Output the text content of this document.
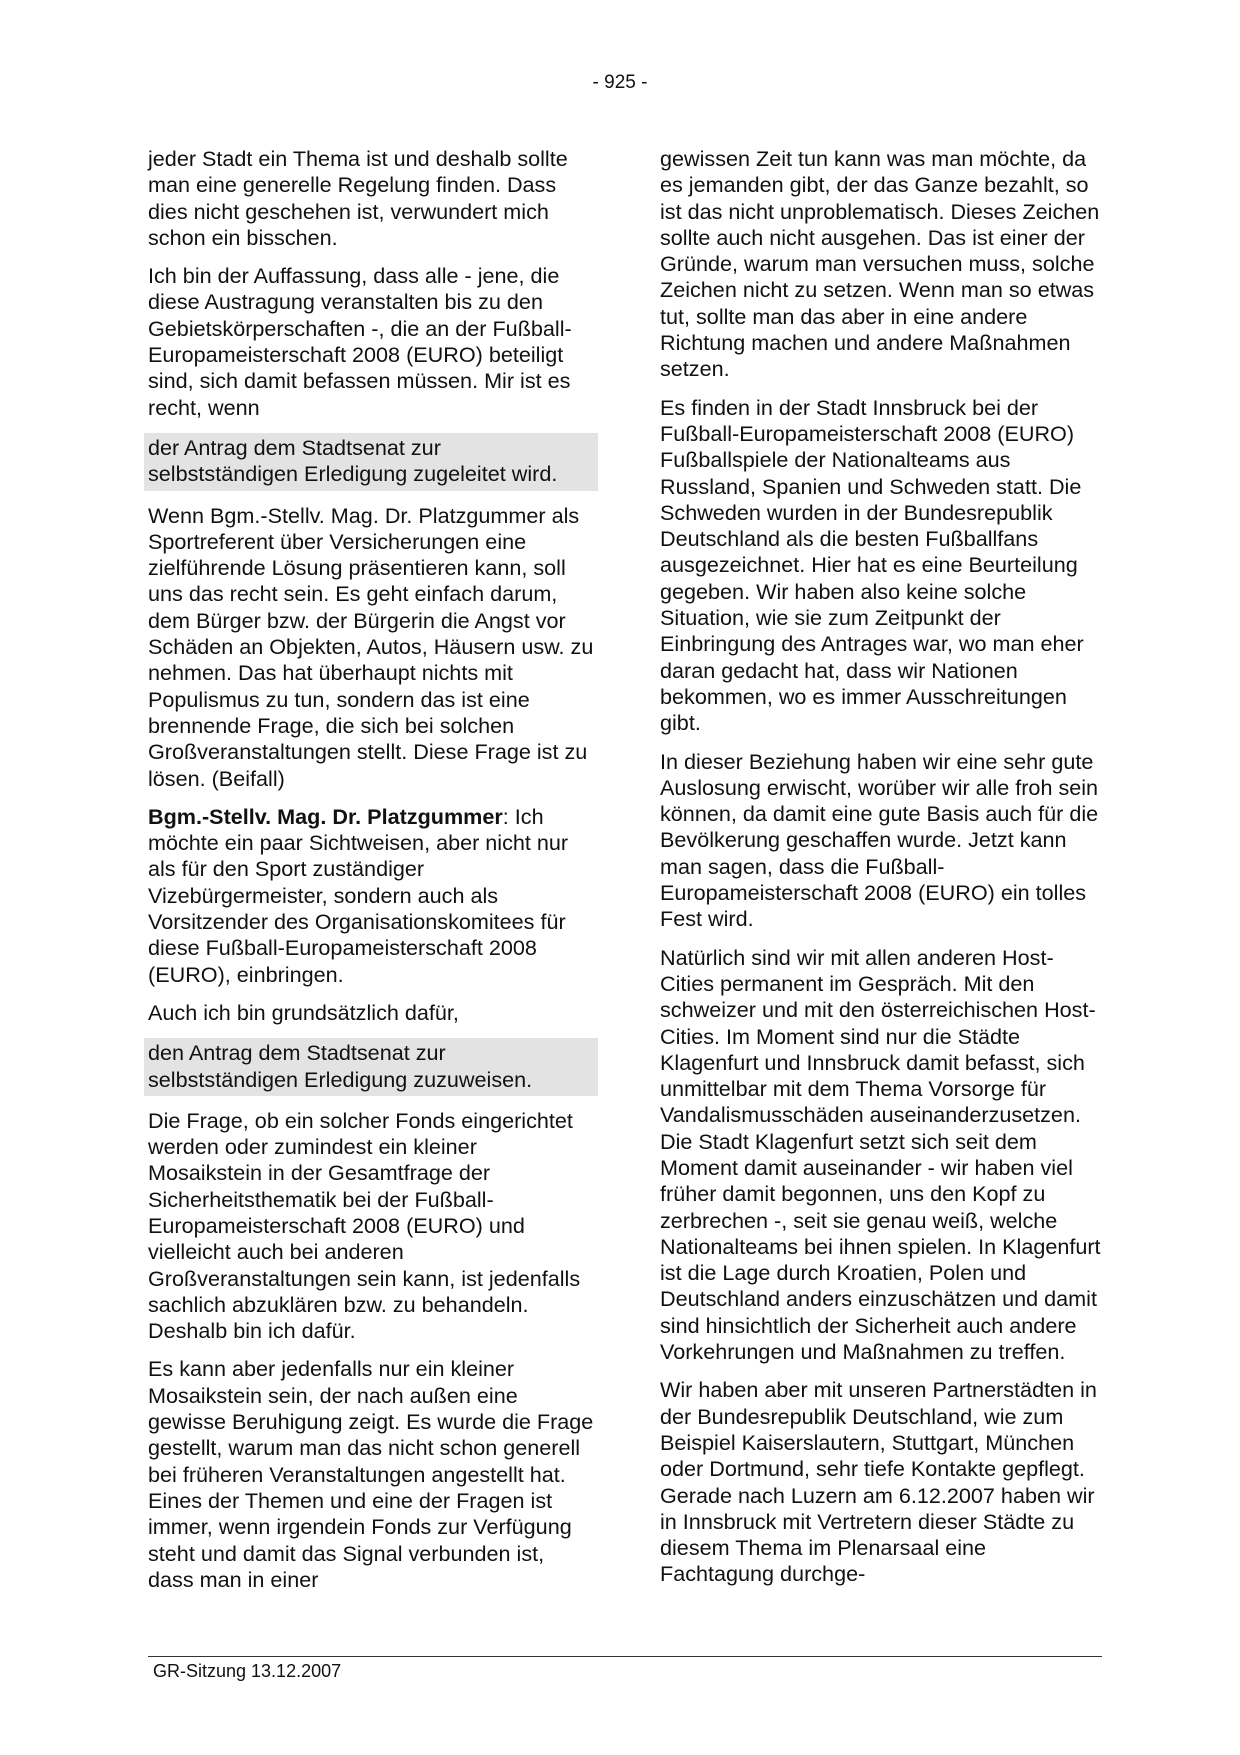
- 925 -

jeder Stadt ein Thema ist und deshalb sollte man eine generelle Regelung finden. Dass dies nicht geschehen ist, verwundert mich schon ein bisschen.

Ich bin der Auffassung, dass alle - jene, die diese Austragung veranstalten bis zu den Gebietskörperschaften -, die an der Fußball-Europameisterschaft 2008 (EURO) beteiligt sind, sich damit befassen müssen. Mir ist es recht, wenn

der Antrag dem Stadtsenat zur selbstständigen Erledigung zugeleitet wird.

Wenn Bgm.-Stellv. Mag. Dr. Platzgummer als Sportreferent über Versicherungen eine zielführende Lösung präsentieren kann, soll uns das recht sein. Es geht einfach darum, dem Bürger bzw. der Bürgerin die Angst vor Schäden an Objekten, Autos, Häusern usw. zu nehmen. Das hat überhaupt nichts mit Populismus zu tun, sondern das ist eine brennende Frage, die sich bei solchen Großveranstaltungen stellt. Diese Frage ist zu lösen. (Beifall)

Bgm.-Stellv. Mag. Dr. Platzgummer: Ich möchte ein paar Sichtweisen, aber nicht nur als für den Sport zuständiger Vizebürgermeister, sondern auch als Vorsitzender des Organisationskomitees für diese Fußball-Europameisterschaft 2008 (EURO), einbringen.

Auch ich bin grundsätzlich dafür,

den Antrag dem Stadtsenat zur selbstständigen Erledigung zuzuweisen.

Die Frage, ob ein solcher Fonds eingerichtet werden oder zumindest ein kleiner Mosaikstein in der Gesamtfrage der Sicherheitsthematik bei der Fußball-Europameisterschaft 2008 (EURO) und vielleicht auch bei anderen Großveranstaltungen sein kann, ist jedenfalls sachlich abzuklären bzw. zu behandeln. Deshalb bin ich dafür.

Es kann aber jedenfalls nur ein kleiner Mosaikstein sein, der nach außen eine gewisse Beruhigung zeigt. Es wurde die Frage gestellt, warum man das nicht schon generell bei früheren Veranstaltungen angestellt hat. Eines der Themen und eine der Fragen ist immer, wenn irgendein Fonds zur Verfügung steht und damit das Signal verbunden ist, dass man in einer

gewissen Zeit tun kann was man möchte, da es jemanden gibt, der das Ganze bezahlt, so ist das nicht unproblematisch. Dieses Zeichen sollte auch nicht ausgehen. Das ist einer der Gründe, warum man versuchen muss, solche Zeichen nicht zu setzen. Wenn man so etwas tut, sollte man das aber in eine andere Richtung machen und andere Maßnahmen setzen.

Es finden in der Stadt Innsbruck bei der Fußball-Europameisterschaft 2008 (EURO) Fußballspiele der Nationalteams aus Russland, Spanien und Schweden statt. Die Schweden wurden in der Bundesrepublik Deutschland als die besten Fußballfans ausgezeichnet. Hier hat es eine Beurteilung gegeben. Wir haben also keine solche Situation, wie sie zum Zeitpunkt der Einbringung des Antrages war, wo man eher daran gedacht hat, dass wir Nationen bekommen, wo es immer Ausschreitungen gibt.

In dieser Beziehung haben wir eine sehr gute Auslosung erwischt, worüber wir alle froh sein können, da damit eine gute Basis auch für die Bevölkerung geschaffen wurde. Jetzt kann man sagen, dass die Fußball-Europameisterschaft 2008 (EURO) ein tolles Fest wird.

Natürlich sind wir mit allen anderen Host-Cities permanent im Gespräch. Mit den schweizer und mit den österreichischen Host-Cities. Im Moment sind nur die Städte Klagenfurt und Innsbruck damit befasst, sich unmittelbar mit dem Thema Vorsorge für Vandalismusschäden auseinanderzusetzen. Die Stadt Klagenfurt setzt sich seit dem Moment damit auseinander - wir haben viel früher damit begonnen, uns den Kopf zu zerbrechen -, seit sie genau weiß, welche Nationalteams bei ihnen spielen. In Klagenfurt ist die Lage durch Kroatien, Polen und Deutschland anders einzuschätzen und damit sind hinsichtlich der Sicherheit auch andere Vorkehrungen und Maßnahmen zu treffen.

Wir haben aber mit unseren Partnerstädten in der Bundesrepublik Deutschland, wie zum Beispiel Kaiserslautern, Stuttgart, München oder Dortmund, sehr tiefe Kontakte gepflegt. Gerade nach Luzern am 6.12.2007 haben wir in Innsbruck mit Vertretern dieser Städte zu diesem Thema im Plenarsaal eine Fachtagung durchge-

GR-Sitzung 13.12.2007
